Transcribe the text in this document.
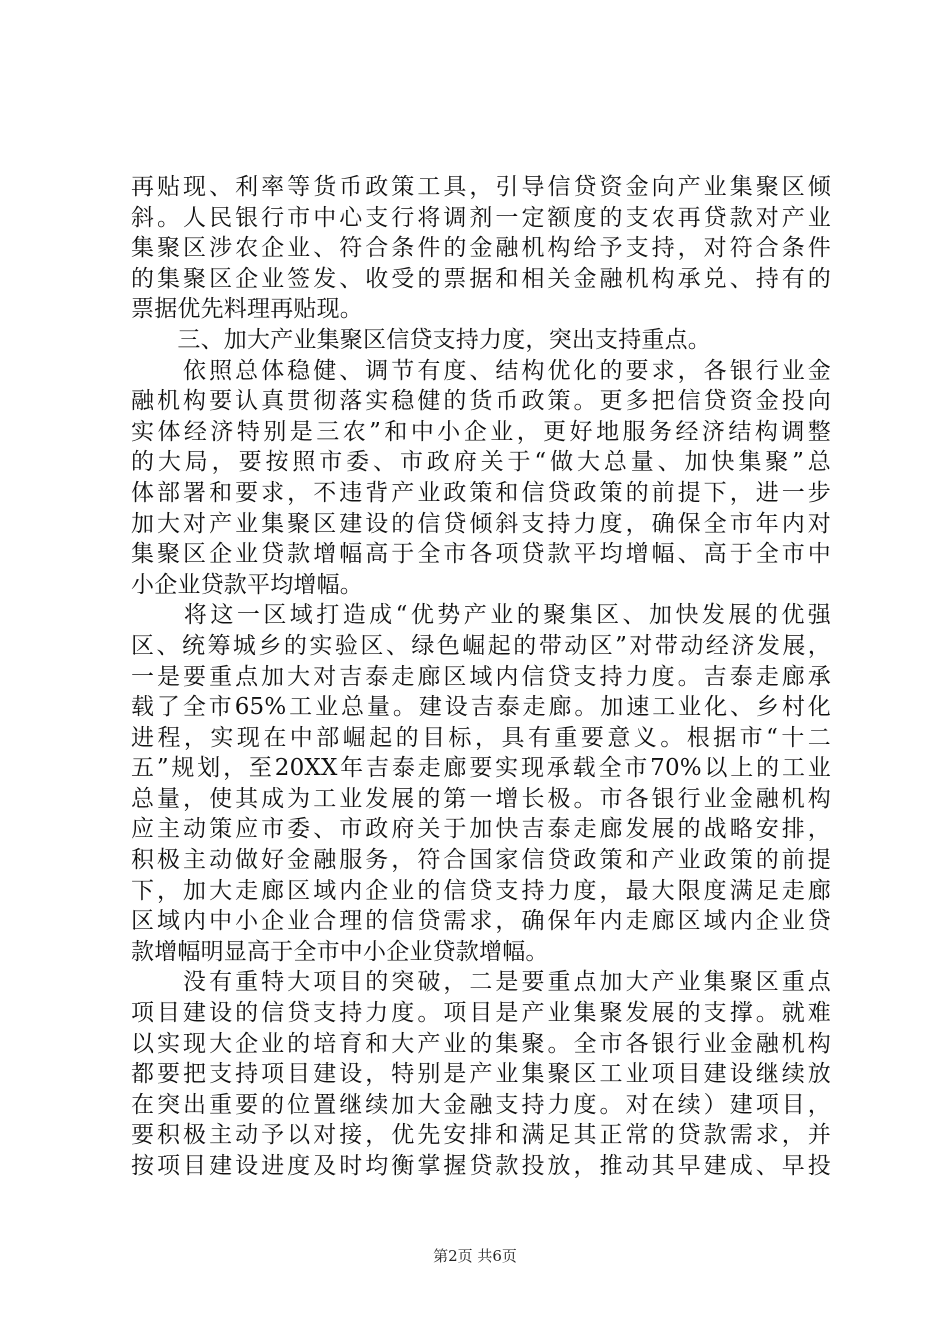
再贴现、利率等货币政策工具，引导信贷资金向产业集聚区倾
斜。人民银行市中心支行将调剂一定额度的支农再贷款对产业
集聚区涉农企业、符合条件的金融机构给予支持，对符合条件
的集聚区企业签发、收受的票据和相关金融机构承兑、持有的
票据优先料理再贴现。
　　三、加大产业集聚区信贷支持力度，突出支持重点。
　　依照总体稳健、调节有度、结构优化的要求，各银行业金
融机构要认真贯彻落实稳健的货币政策。更多把信贷资金投向
实体经济特别是三农”和中小企业，更好地服务经济结构调整
的大局，要按照市委、市政府关于“做大总量、加快集聚”总
体部署和要求，不违背产业政策和信贷政策的前提下，进一步
加大对产业集聚区建设的信贷倾斜支持力度，确保全市年内对
集聚区企业贷款增幅高于全市各项贷款平均增幅、高于全市中
小企业贷款平均增幅。
　　将这一区域打造成“优势产业的聚集区、加快发展的优强
区、统筹城乡的实验区、绿色崛起的带动区”对带动经济发展，
一是要重点加大对吉泰走廊区域内信贷支持力度。吉泰走廊承
载了全市65%工业总量。建设吉泰走廊。加速工业化、乡村化
进程，实现在中部崛起的目标，具有重要意义。根据市“十二
五”规划，至20XX年吉泰走廊要实现承载全市70%以上的工业
总量，使其成为工业发展的第一增长极。市各银行业金融机构
应主动策应市委、市政府关于加快吉泰走廊发展的战略安排，
积极主动做好金融服务，符合国家信贷政策和产业政策的前提
下，加大走廊区域内企业的信贷支持力度，最大限度满足走廊
区域内中小企业合理的信贷需求，确保年内走廊区域内企业贷
款增幅明显高于全市中小企业贷款增幅。
　　没有重特大项目的突破，二是要重点加大产业集聚区重点
项目建设的信贷支持力度。项目是产业集聚发展的支撑。就难
以实现大企业的培育和大产业的集聚。全市各银行业金融机构
都要把支持项目建设，特别是产业集聚区工业项目建设继续放
在突出重要的位置继续加大金融支持力度。对在续）建项目，
要积极主动予以对接，优先安排和满足其正常的贷款需求，并
按项目建设进度及时均衡掌握贷款投放，推动其早建成、早投
第2页 共6页
